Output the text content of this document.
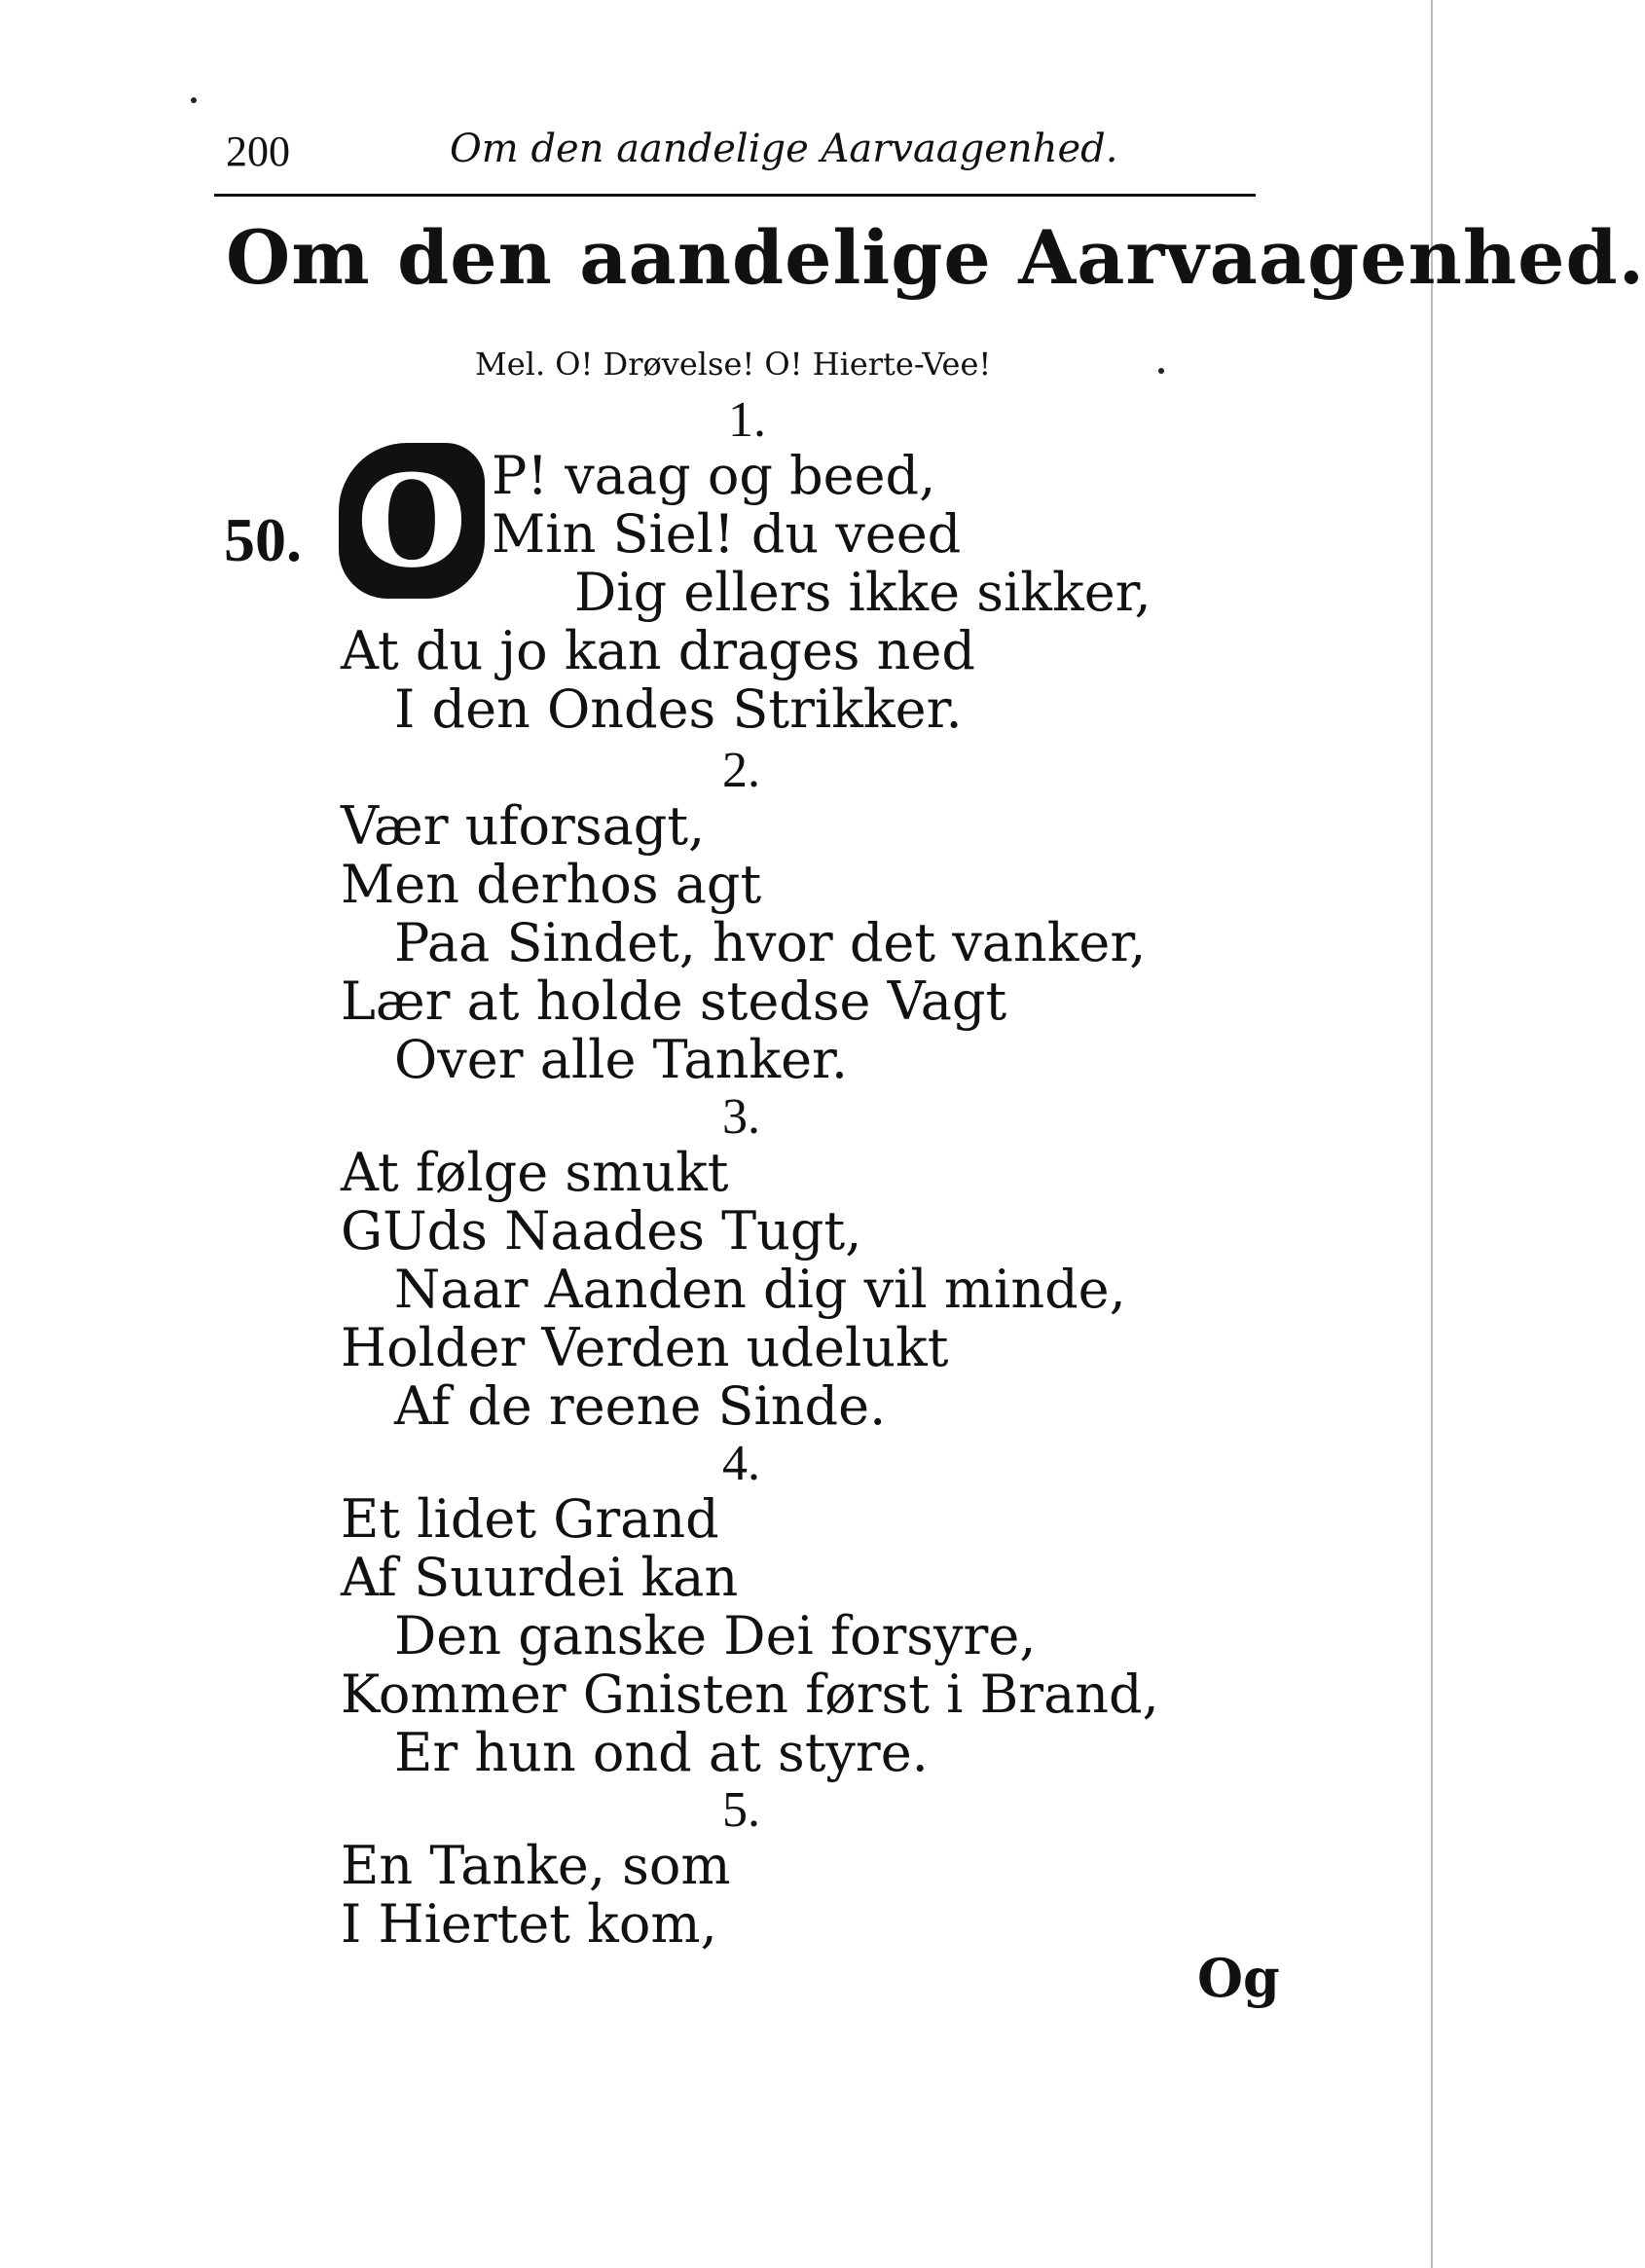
200	Om den aandelige Aarvaagenhed.
Om den aandelige Aarvaagenhed.
Mel. O! Drøvelse! O! Hierte-Vee!
50. O
1.
P! vaag og beed,
Min Siel! du veed
Dig ellers ikke sikker,
At du jo kan drages ned
I den Ondes Strikker.
2.
Vær uforsagt,
Men derhos agt
Paa Sindet, hvor det vanker,
Lær at holde stedse Vagt
Over alle Tanker.
3.
At følge smukt
GUds Naades Tugt,
Naar Aanden dig vil minde,
Holder Verden udelukt
Af de reene Sinde.
4.
Et lidet Grand
Af Suurdei kan
Den ganske Dei forsyre,
Kommer Gnisten først i Brand,
Er hun ond at styre.
5.
En Tanke, som
I Hiertet kom,
Og
